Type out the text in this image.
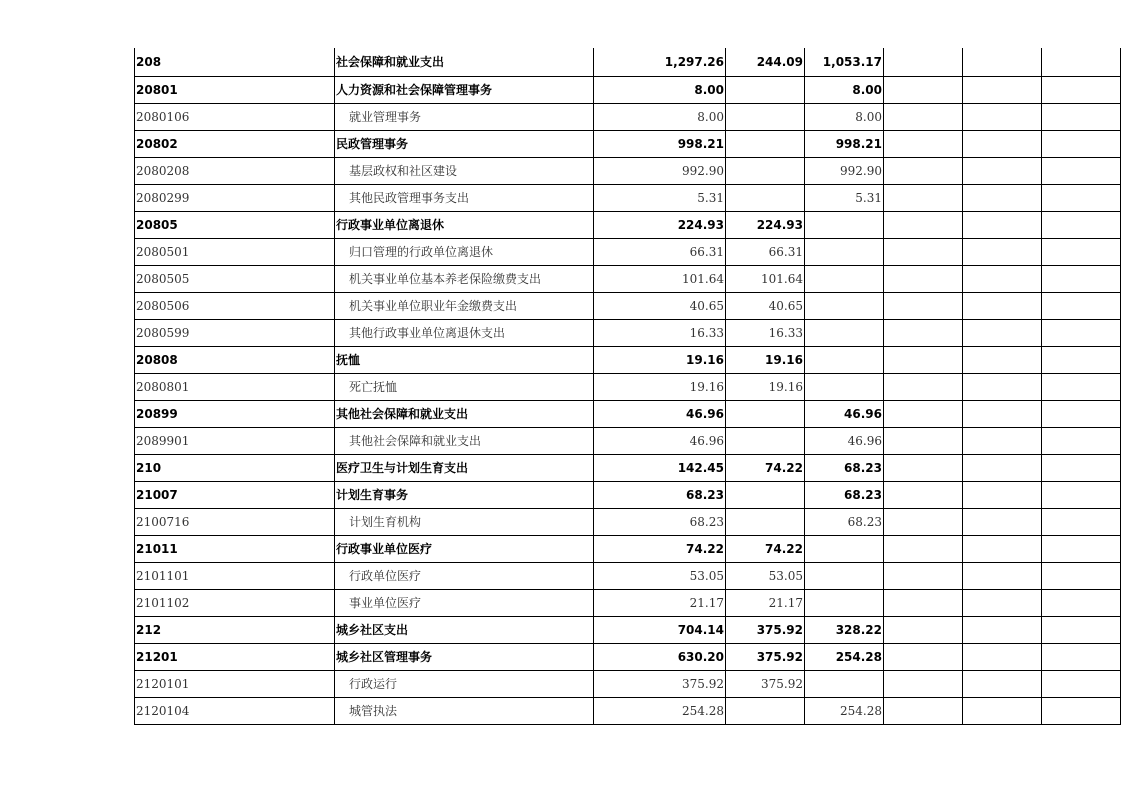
208	社会保障和就业支出	1,297.26	244.09	1,053.17			
20801	人力资源和社会保障管理事务	8.00		8.00			
2080106	就业管理事务	8.00		8.00			
20802	民政管理事务	998.21		998.21			
2080208	基层政权和社区建设	992.90		992.90			
2080299	其他民政管理事务支出	5.31		5.31			
20805	行政事业单位离退休	224.93	224.93				
2080501	归口管理的行政单位离退休	66.31	66.31				
2080505	机关事业单位基本养老保险缴费支出	101.64	101.64				
2080506	机关事业单位职业年金缴费支出	40.65	40.65				
2080599	其他行政事业单位离退休支出	16.33	16.33				
20808	抚恤	19.16	19.16				
2080801	死亡抚恤	19.16	19.16				
20899	其他社会保障和就业支出	46.96		46.96			
2089901	其他社会保障和就业支出	46.96		46.96			
210	医疗卫生与计划生育支出	142.45	74.22	68.23			
21007	计划生育事务	68.23		68.23			
2100716	计划生育机构	68.23		68.23			
21011	行政事业单位医疗	74.22	74.22				
2101101	行政单位医疗	53.05	53.05				
2101102	事业单位医疗	21.17	21.17				
212	城乡社区支出	704.14	375.92	328.22			
21201	城乡社区管理事务	630.20	375.92	254.28			
2120101	行政运行	375.92	375.92				
2120104	城管执法	254.28		254.28			
